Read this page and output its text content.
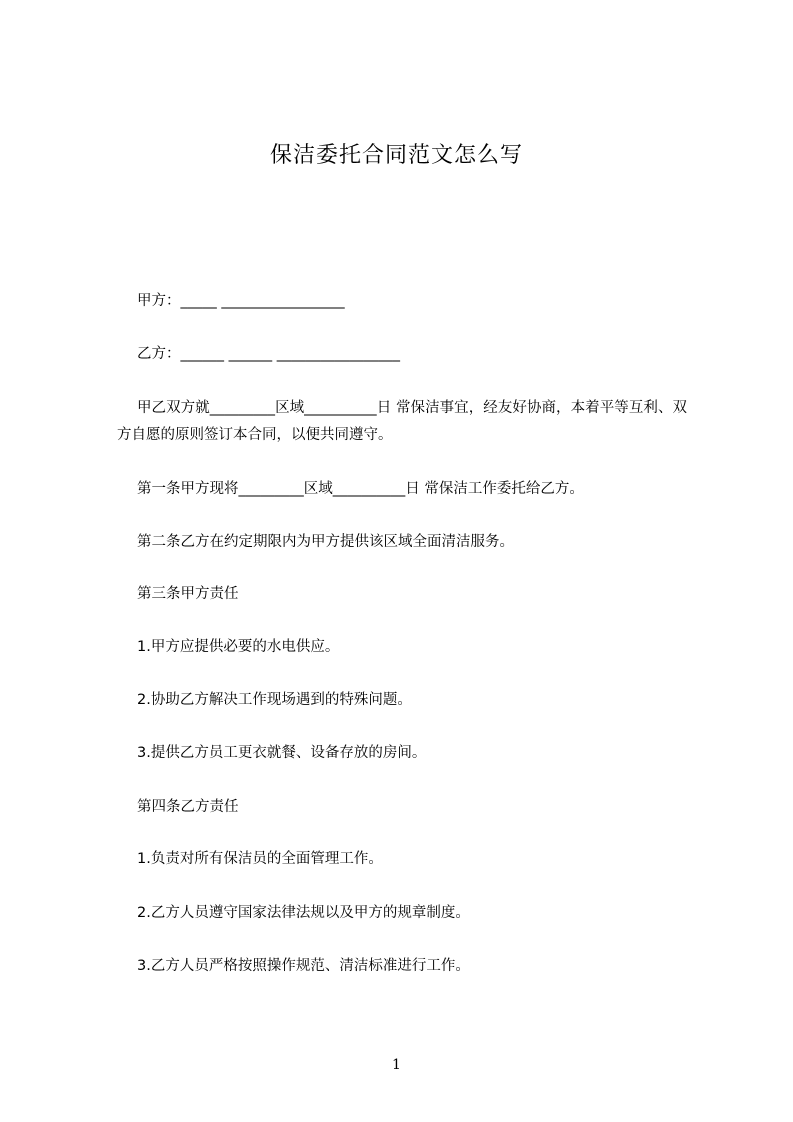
保洁委托合同范文怎么写
甲方：_____ _________________
乙方：______ ______ _________________
甲乙双方就_________区域__________日 常保洁事宜，经友好协商，本着平等互利、双方自愿的原则签订本合同，以便共同遵守。
第一条甲方现将_________区域__________日 常保洁工作委托给乙方。
第二条乙方在约定期限内为甲方提供该区域全面清洁服务。
第三条甲方责任
1.甲方应提供必要的水电供应。
2.协助乙方解决工作现场遇到的特殊问题。
3.提供乙方员工更衣就餐、设备存放的房间。
第四条乙方责任
1.负责对所有保洁员的全面管理工作。
2.乙方人员遵守国家法律法规以及甲方的规章制度。
3.乙方人员严格按照操作规范、清洁标准进行工作。
1
